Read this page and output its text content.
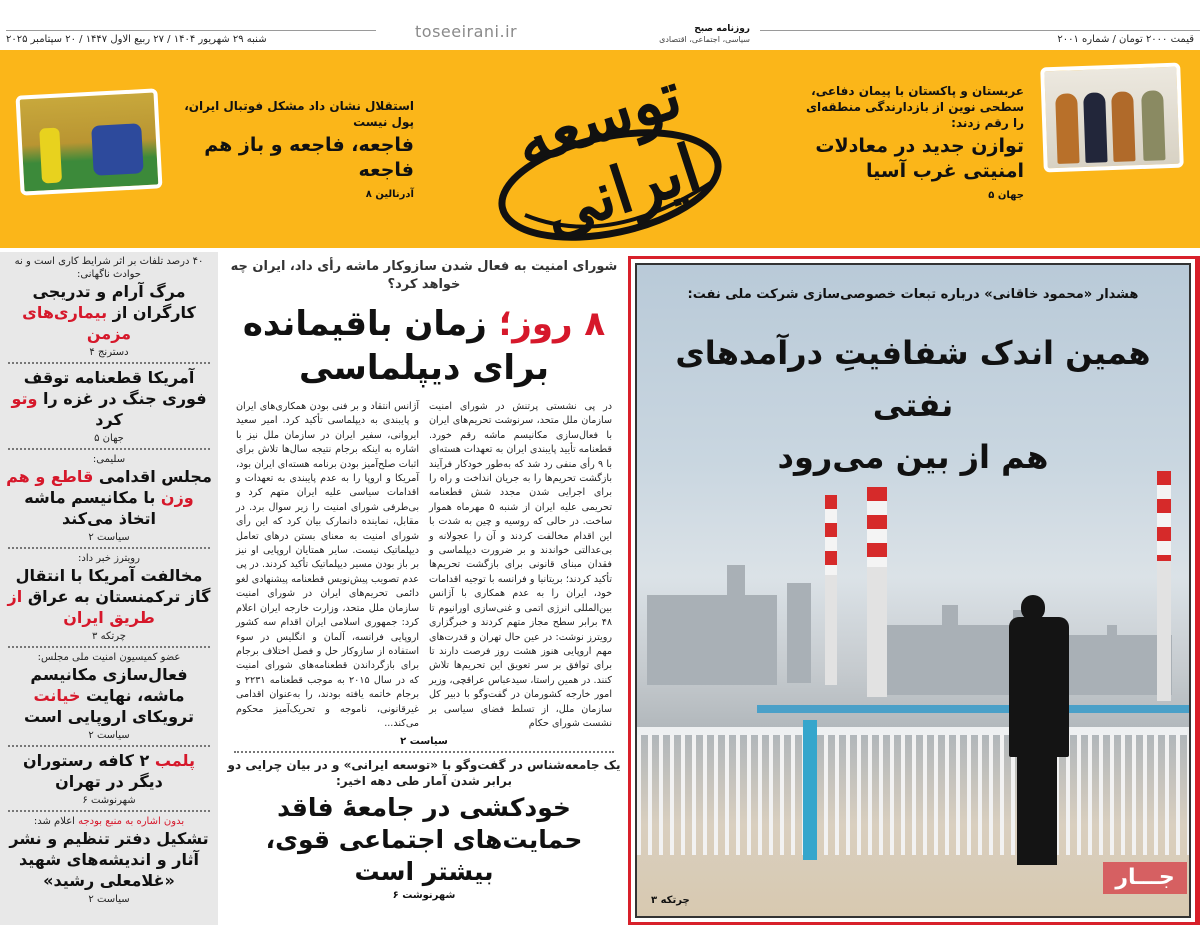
شنبه ۲۹ شهریور ۱۴۰۴ / ۲۷ ربیع الاول ۱۴۴۷ / ۲۰ سپتامبر ۲۰۲۵	toseeirani.ir	قیمت ۲۰۰۰ تومان / شماره ۲۰۰۱
روزنامه صبح
سیاسی، اجتماعی، اقتصادی
توسعه ایرانی
عربستان و پاکستان با پیمان دفاعی، سطحی نوین از بازدارندگی منطقه‌ای را رقم زدند:
توازن جدید در معادلات امنیتی غرب آسیا
جهان ۵
استقلال نشان داد مشکل فوتبال ایران، پول نیست
فاجعه، فاجعه و باز هم فاجعه
آدرنالین ۸
۴۰ درصد تلفات بر اثر شرایط کاری است و نه حوادث ناگهانی:
مرگ آرام و تدریجی کارگران از بیماری‌های مزمن
دسترنج ۴
آمریکا قطعنامه توقف فوری جنگ در غزه را وتو کرد
جهان ۵
سلیمی:
مجلس اقدامی قاطع و هم وزن با مکانیسم ماشه اتخاذ می‌کند
سیاست ۲
رویترز خبر داد:
مخالفت آمریکا با انتقال گاز ترکمنستان به عراق از طریق ایران
چرتکه ۳
عضو کمیسیون امنیت ملی مجلس:
فعال‌سازی مکانیسم ماشه، نهایت خیانت ترویکای اروپایی است
سیاست ۲
پلمب ۲ کافه رستوران دیگر در تهران
شهرنوشت ۶
بدون اشاره به منبع بودجه اعلام شد:
تشکیل دفتر تنظیم و نشر آثار و اندیشه‌های شهید «غلامعلی رشید»
سیاست ۲
شورای امنیت به فعال شدن سازوکار ماشه رأی داد، ایران چه خواهد کرد؟
۸ روز؛ زمان باقیمانده برای دیپلماسی

در پی نشستی پرتنش در شورای امنیت سازمان ملل متحد، سرنوشت تحریم‌های ایران با فعال‌سازی مکانیسم ماشه رقم خورد. قطعنامه تأیید پایبندی ایران به تعهدات هسته‌ای با ۹ رأی منفی رد شد که به‌طور خودکار فرآیند بازگشت تحریم‌ها را به جریان انداخت و راه را برای اجرایی شدن مجدد شش قطعنامه تحریمی علیه ایران از شنبه ۵ مهرماه هموار ساخت. در حالی که روسیه و چین به شدت با این اقدام مخالفت کردند و آن را عجولانه و بی‌عدالتی خواندند و بر ضرورت دیپلماسی و فقدان مبنای قانونی برای بازگشت تحریم‌ها تأکید کردند؛ بریتانیا و فرانسه با توجیه اقدامات خود، ایران را به عدم همکاری با آژانس بین‌المللی انرژی اتمی و غنی‌سازی اورانیوم تا ۴۸ برابر سطح مجاز متهم کردند و خبرگزاری رویترز نوشت: در عین حال تهران و قدرت‌های مهم اروپایی هنوز هشت روز فرصت دارند تا برای توافق بر سر تعویق این تحریم‌ها تلاش کنند. در همین راستا، سیدعباس عراقچی، وزیر امور خارجه کشورمان در گفت‌وگو با دبیر کل سازمان ملل، از تسلط فضای سیاسی بر نشست شورای حکام

آژانس انتقاد و بر فنی بودن همکاری‌های ایران و پایبندی به دیپلماسی تأکید کرد. امیر سعید ایروانی، سفیر ایران در سازمان ملل نیز با اشاره به اینکه برجام نتیجه سال‌ها تلاش برای اثبات صلح‌آمیز بودن برنامه هسته‌ای ایران بود، آمریکا و اروپا را به عدم پایبندی به تعهدات و اقدامات سیاسی علیه ایران متهم کرد و بی‌طرفی شورای امنیت را زیر سوال برد. در مقابل، نماینده دانمارک بیان کرد که این رأی شورای امنیت به معنای بستن درهای تعامل دیپلماتیک نیست. سایر همتایان اروپایی او نیز بر باز بودن مسیر دیپلماتیک تأکید کردند. در پی عدم تصویب پیش‌نویس قطعنامه پیشنهادی لغو دائمی تحریم‌های ایران در شورای امنیت سازمان ملل متحد، وزارت خارجه ایران اعلام کرد: جمهوری اسلامی ایران اقدام سه کشور اروپایی فرانسه، آلمان و انگلیس در سوء استفاده از سازوکار حل و فصل اختلاف برجام برای بازگرداندن قطعنامه‌های شورای امنیت که در سال ۲۰۱۵ به موجب قطعنامه ۲۲۳۱ و برجام خاتمه یافته بودند، را به‌عنوان اقدامی غیرقانونی، ناموجه و تحریک‌آمیز محکوم می‌کند...

سیاست ۲
یک جامعه‌شناس در گفت‌وگو با «توسعه ایرانی» و در بیان چرایی دو برابر شدن آمار طی دهه اخیر:
خودکشی در جامعهٔ فاقد حمایت‌های اجتماعی قوی، بیشتر است
شهرنوشت ۶
هشدار «محمود خاقانی» درباره تبعات خصوصی‌سازی شرکت ملی نفت:
همین اندک شفافیتِ درآمدهای نفتی
هم از بین می‌رود
چرتکه ۳
جـــار
